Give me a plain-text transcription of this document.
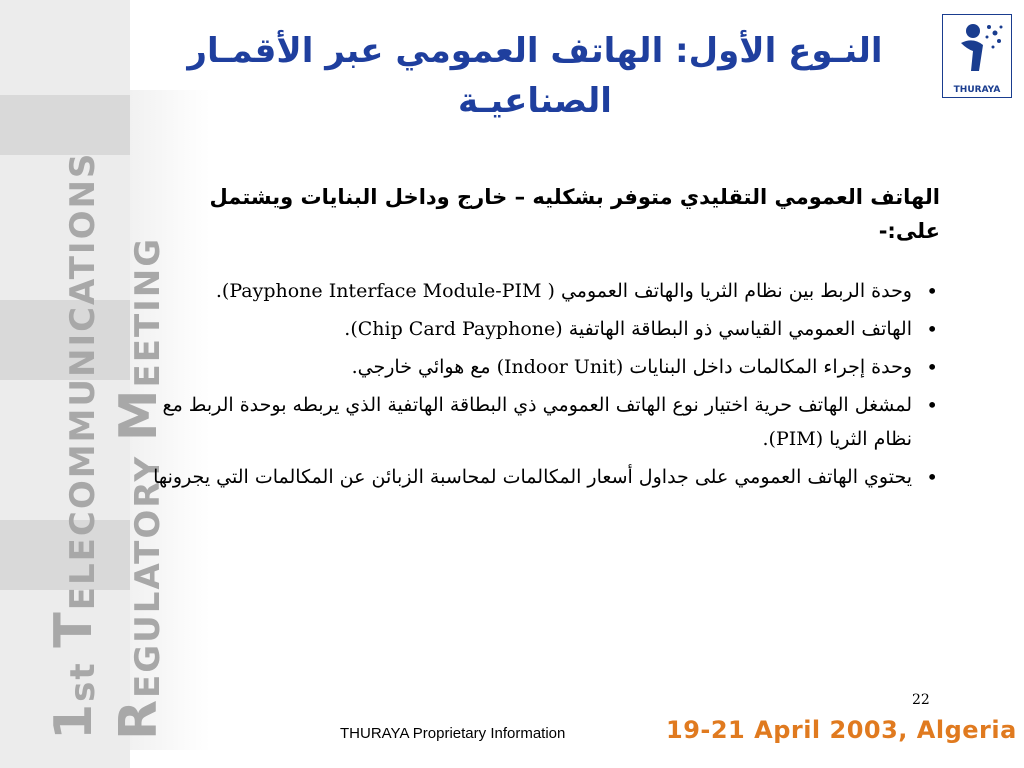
1
st

T
ELECOMMUNICATIONS
R
EGULATORY

M
EETING
THURAYA
النـوع الأول: الهاتف العمومي عبر الأقمـار الصناعيـة
الهاتف العمومي التقليدي متوفر بشكليه – خارج وداخل البنايات ويشتمل على:-
•
وحدة الربط بين نظام الثريا والهاتف العمومي ( Payphone Interface Module-PIM).
•
الهاتف العمومي القياسي ذو البطاقة الهاتفية (Chip Card Payphone).
•
وحدة إجراء المكالمات داخل البنايات (Indoor Unit) مع هوائي خارجي.
•
لمشغل الهاتف حرية اختيار نوع الهاتف العمومي ذي البطاقة الهاتفية الذي يربطه بوحدة الربط مع نظام الثريا (PIM).
•
يحتوي الهاتف العمومي على جداول أسعار المكالمات لمحاسبة الزبائن عن المكالمات التي يجرونها
22
THURAYA Proprietary Information	19-21 April 2003, Algeria
